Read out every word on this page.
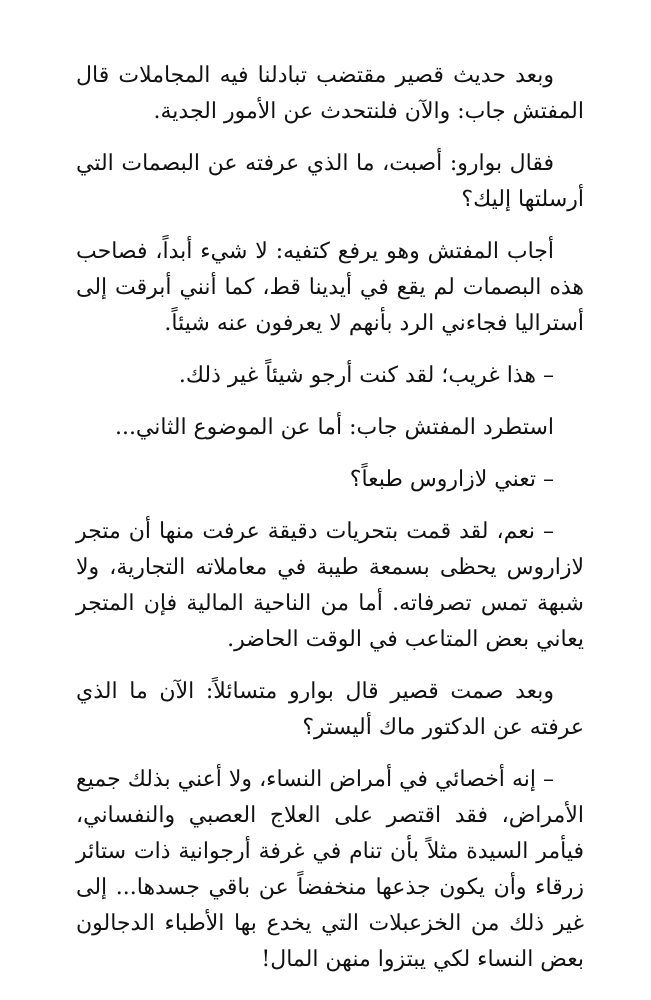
وبعد حديث قصير مقتضب تبادلنا فيه المجاملات قال المفتش جاب: والآن فلنتحدث عن الأمور الجدية.

فقال بوارو: أصبت، ما الذي عرفته عن البصمات التي أرسلتها إليك؟

أجاب المفتش وهو يرفع كتفيه: لا شيء أبداً، فصاحب هذه البصمات لم يقع في أيدينا قط، كما أنني أبرقت إلى أستراليا فجاءني الرد بأنهم لا يعرفون عنه شيئاً.

– هذا غريب؛ لقد كنت أرجو شيئاً غير ذلك.

استطرد المفتش جاب: أما عن الموضوع الثاني...

– تعني لازاروس طبعاً؟

– نعم، لقد قمت بتحريات دقيقة عرفت منها أن متجر لازاروس يحظى بسمعة طيبة في معاملاته التجارية، ولا شبهة تمس تصرفاته. أما من الناحية المالية فإن المتجر يعاني بعض المتاعب في الوقت الحاضر.

وبعد صمت قصير قال بوارو متسائلاً: الآن ما الذي عرفته عن الدكتور ماك أليستر؟

– إنه أخصائي في أمراض النساء، ولا أعني بذلك جميع الأمراض، فقد اقتصر على العلاج العصبي والنفساني، فيأمر السيدة مثلاً بأن تنام في غرفة أرجوانية ذات ستائر زرقاء وأن يكون جذعها منخفضاً عن باقي جسدها... إلى غير ذلك من الخزعبلات التي يخدع بها الأطباء الدجالون بعض النساء لكي يبتزوا منهن المال!
